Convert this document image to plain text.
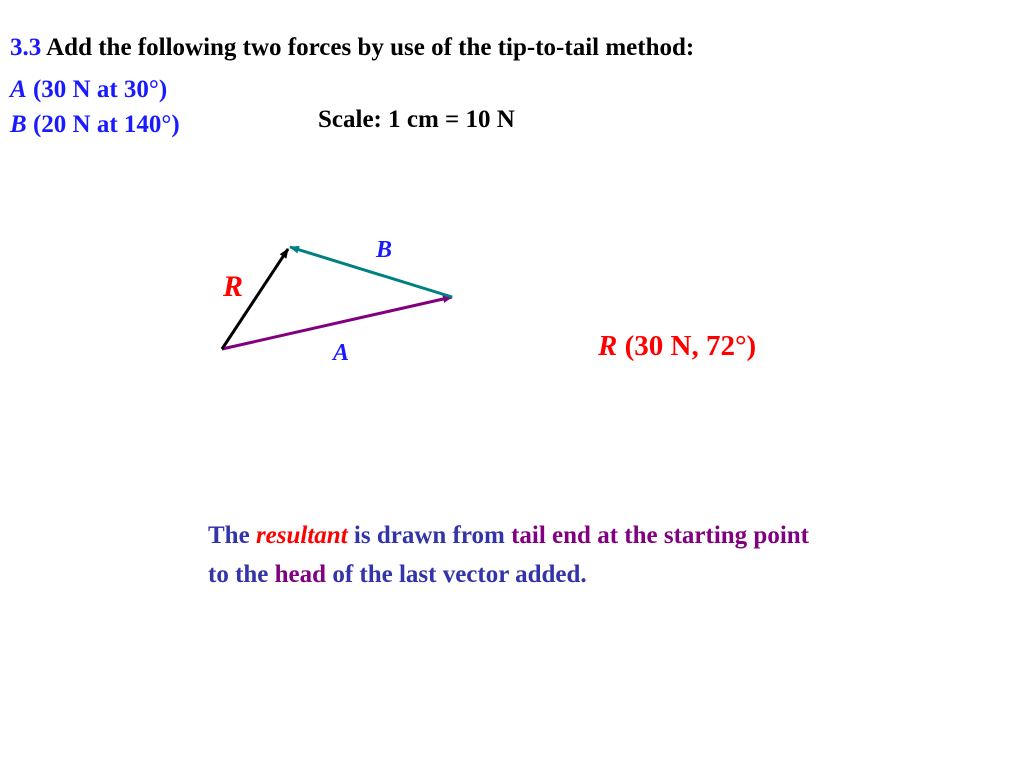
3.3 Add the following two forces by use of the tip-to-tail method:
A (30 N at 30°)
B (20 N at 140°)	Scale: 1 cm = 10 N
B
R
A	R (30 N, 72°)
The resultant is drawn from tail end at the starting point
to the head of the last vector added.
